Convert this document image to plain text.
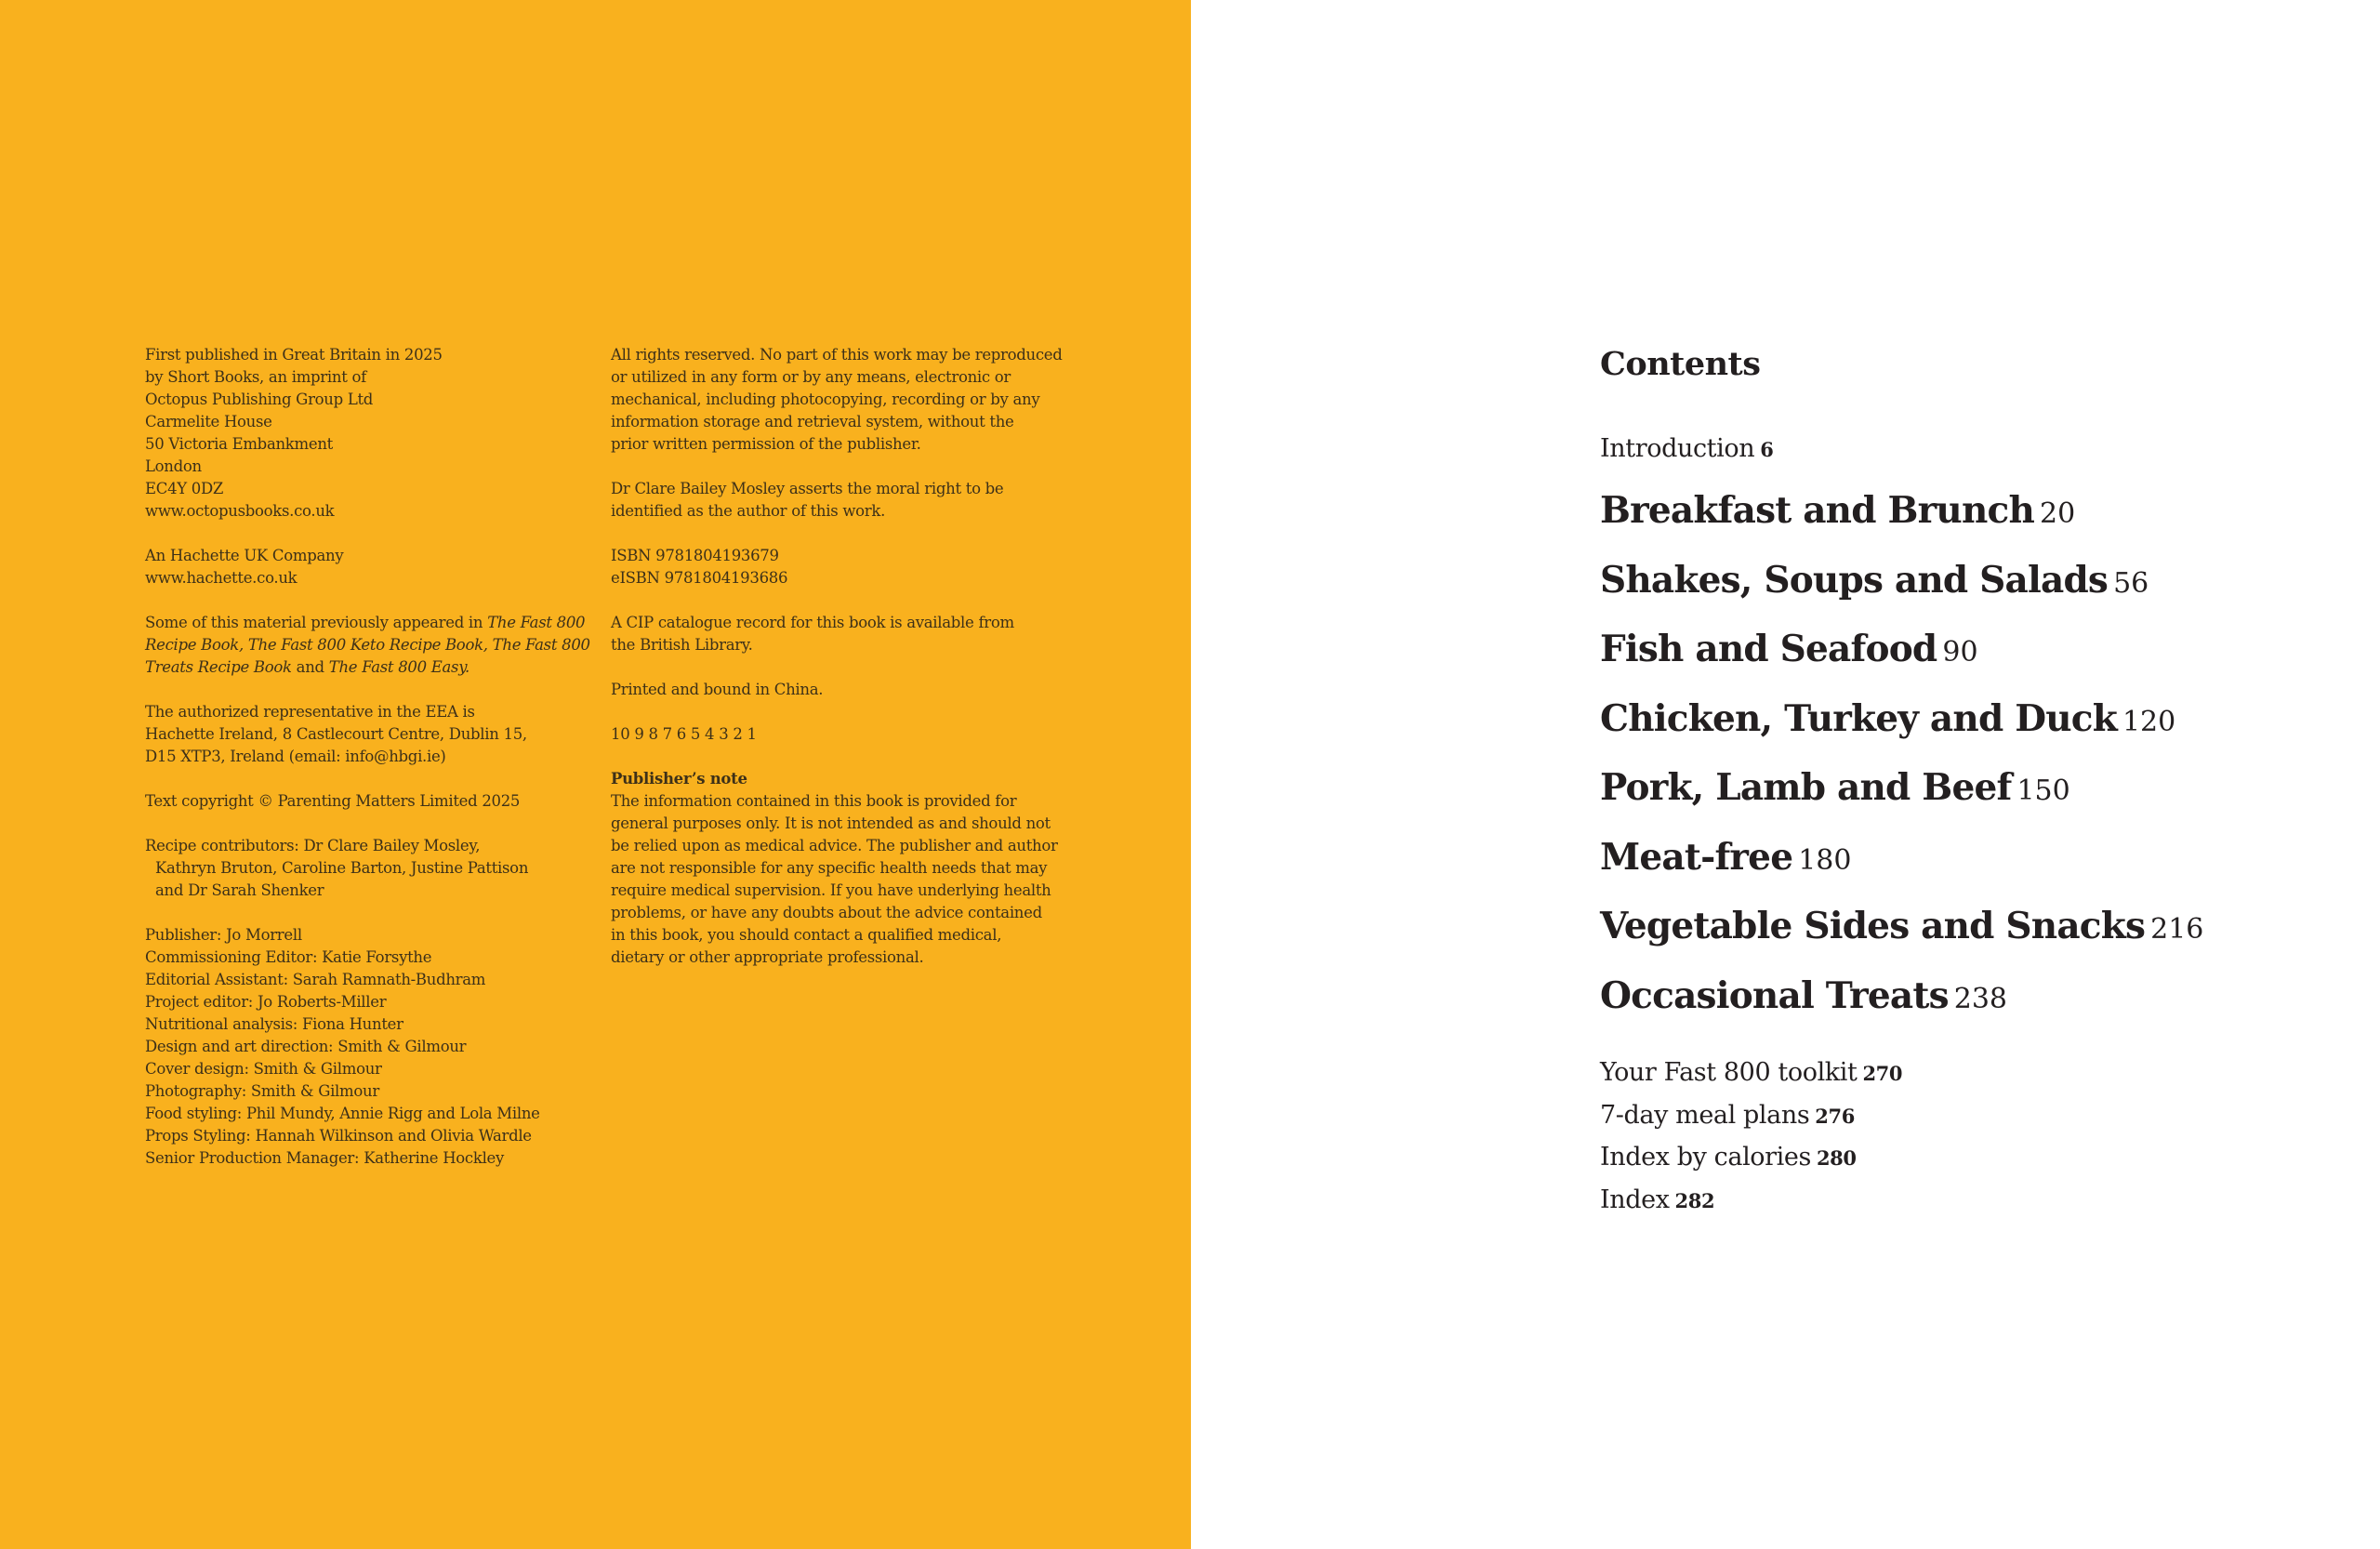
First published in Great Britain in 2025
by Short Books, an imprint of
Octopus Publishing Group Ltd
Carmelite House
50 Victoria Embankment
London
EC4Y 0DZ
www.octopusbooks.co.uk
An Hachette UK Company
www.hachette.co.uk
Some of this material previously appeared in The Fast 800
Recipe Book, The Fast 800 Keto Recipe Book, The Fast 800
Treats Recipe Book and The Fast 800 Easy.
The authorized representative in the EEA is
Hachette Ireland, 8 Castlecourt Centre, Dublin 15,
D15 XTP3, Ireland (email: info@hbgi.ie)
Text copyright © Parenting Matters Limited 2025
Recipe contributors: Dr Clare Bailey Mosley,
Kathryn Bruton, Caroline Barton, Justine Pattison
and Dr Sarah Shenker
Publisher: Jo Morrell
Commissioning Editor: Katie Forsythe
Editorial Assistant: Sarah Ramnath-Budhram
Project editor: Jo Roberts-Miller
Nutritional analysis: Fiona Hunter
Design and art direction: Smith & Gilmour
Cover design: Smith & Gilmour
Photography: Smith & Gilmour
Food styling: Phil Mundy, Annie Rigg and Lola Milne
Props Styling: Hannah Wilkinson and Olivia Wardle
Senior Production Manager: Katherine Hockley
All rights reserved. No part of this work may be reproduced
or utilized in any form or by any means, electronic or
mechanical, including photocopying, recording or by any
information storage and retrieval system, without the
prior written permission of the publisher.
Dr Clare Bailey Mosley asserts the moral right to be
identified as the author of this work.
ISBN 9781804193679
eISBN 9781804193686
A CIP catalogue record for this book is available from
the British Library.
Printed and bound in China.
10 9 8 7 6 5 4 3 2 1
Publisher’s note
The information contained in this book is provided for
general purposes only. It is not intended as and should not
be relied upon as medical advice. The publisher and author
are not responsible for any specific health needs that may
require medical supervision. If you have underlying health
problems, or have any doubts about the advice contained
in this book, you should contact a qualified medical,
dietary or other appropriate professional.
Contents
Introduction 6
Breakfast and Brunch 20
Shakes, Soups and Salads 56
Fish and Seafood 90
Chicken, Turkey and Duck 120
Pork, Lamb and Beef 150
Meat-free 180
Vegetable Sides and Snacks 216
Occasional Treats 238
Your Fast 800 toolkit 270
7-day meal plans 276
Index by calories 280
Index 282
